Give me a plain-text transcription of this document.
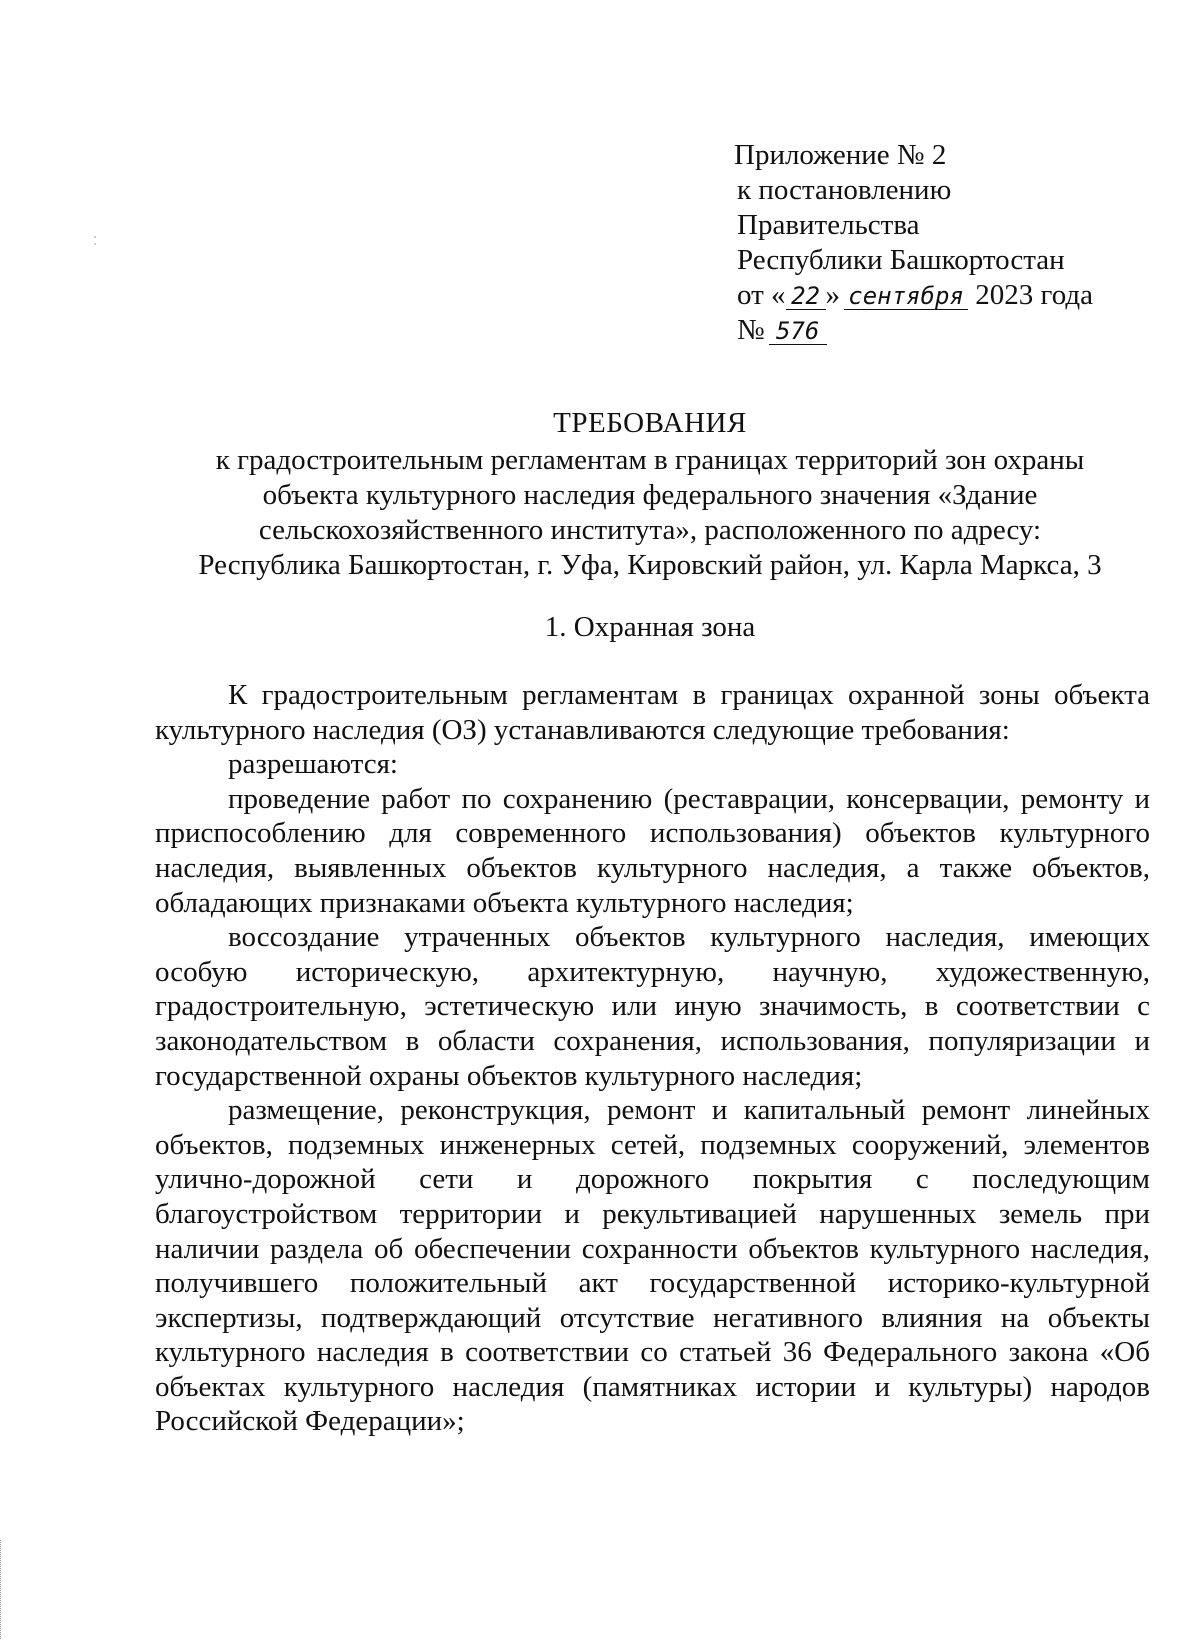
Приложение № 2
к постановлению
Правительства
Республики Башкортостан
от « 22 » сентября 2023 года
№ 576
ТРЕБОВАНИЯ
к градостроительным регламентам в границах территорий зон охраны
объекта культурного наследия федерального значения «Здание
сельскохозяйственного института», расположенного по адресу:
Республика Башкортостан, г. Уфа, Кировский район, ул. Карла Маркса, 3
1. Охранная зона

К градостроительным регламентам в границах охранной зоны объекта культурного наследия (ОЗ) устанавливаются следующие требования:

разрешаются:

проведение работ по сохранению (реставрации, консервации, ремонту и приспособлению для современного использования) объектов культурного наследия, выявленных объектов культурного наследия, а также объектов, обладающих признаками объекта культурного наследия;

воссоздание утраченных объектов культурного наследия, имеющих особую историческую, архитектурную, научную, художественную, градостроительную, эстетическую или иную значимость, в соответствии с законодательством в области сохранения, использования, популяризации и государственной охраны объектов культурного наследия;

размещение, реконструкция, ремонт и капитальный ремонт линейных объектов, подземных инженерных сетей, подземных сооружений, элементов улично-дорожной сети и дорожного покрытия с последующим благоустройством территории и рекультивацией нарушенных земель при наличии раздела об обеспечении сохранности объектов культурного наследия, получившего положительный акт государственной историко-культурной экспертизы, подтверждающий отсутствие негативного влияния на объекты культурного наследия в соответствии со статьей 36 Федерального закона «Об объектах культурного наследия (памятниках истории и культуры) народов Российской Федерации»;
